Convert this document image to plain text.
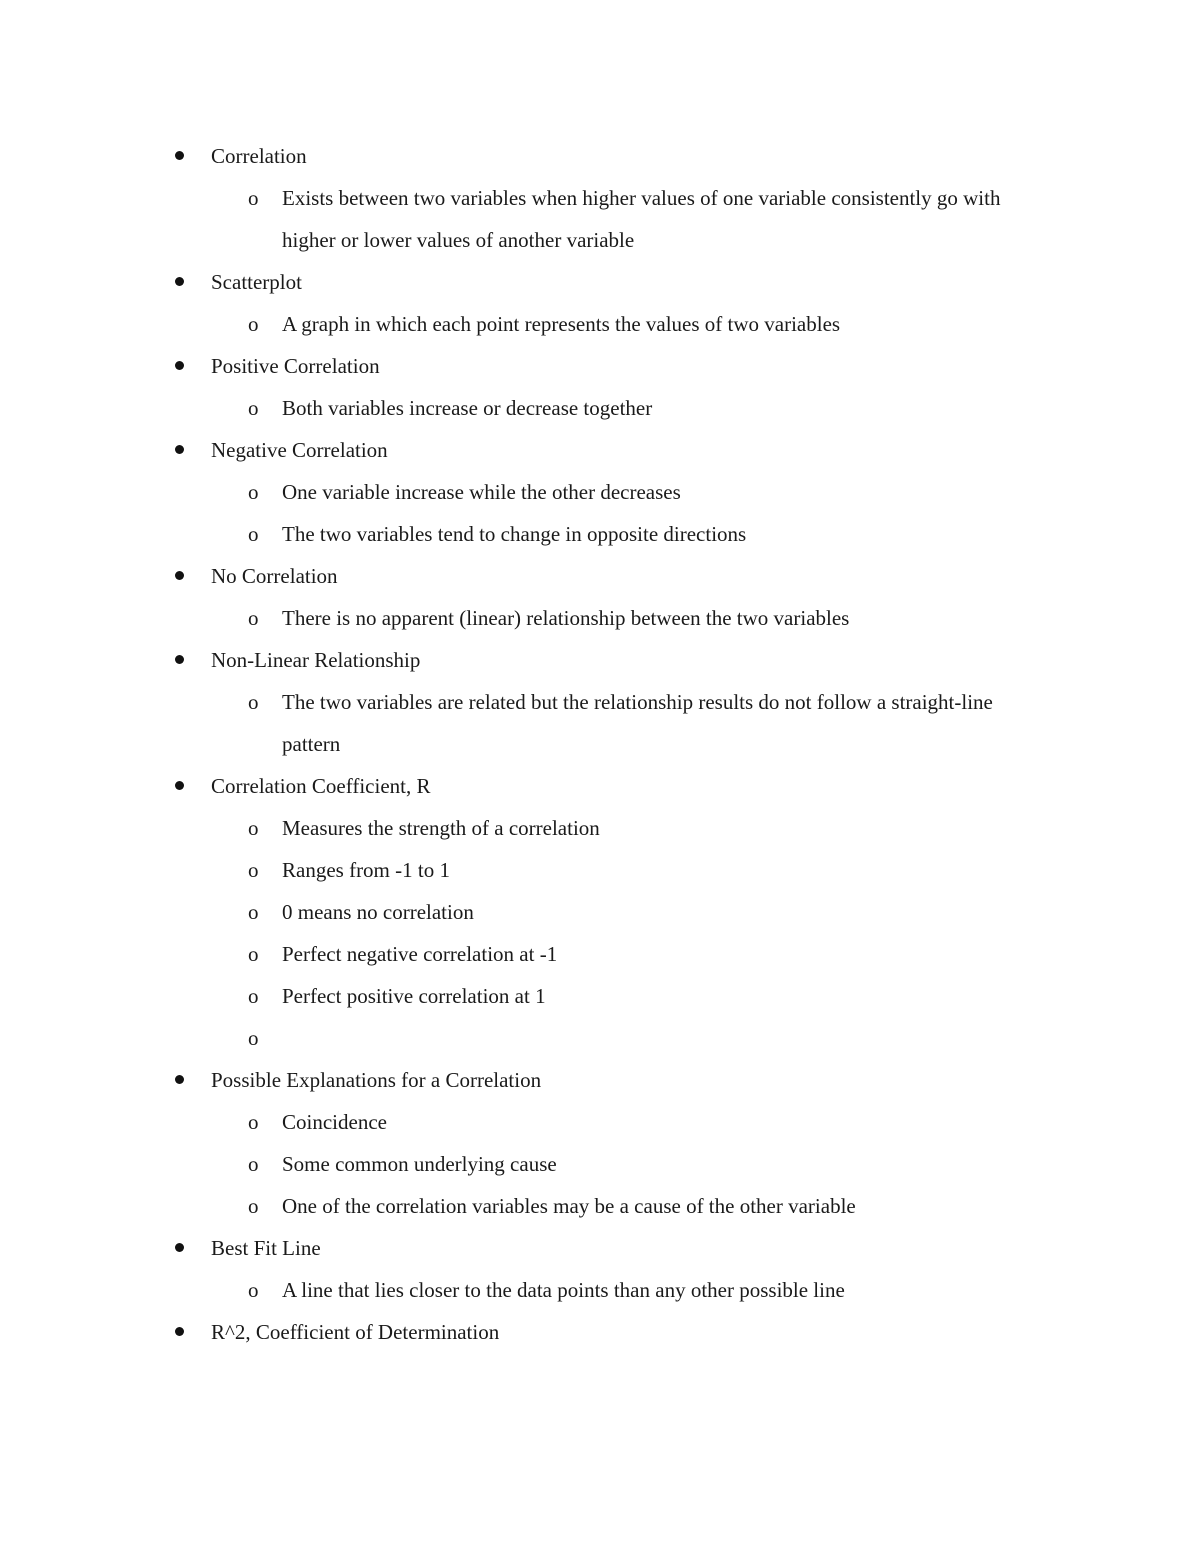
Correlation
o Exists between two variables when higher values of one variable consistently go with higher or lower values of another variable
Scatterplot
o A graph in which each point represents the values of two variables
Positive Correlation
o Both variables increase or decrease together
Negative Correlation
o One variable increase while the other decreases
o The two variables tend to change in opposite directions
No Correlation
o There is no apparent (linear) relationship between the two variables
Non-Linear Relationship
o The two variables are related but the relationship results do not follow a straight-line pattern
Correlation Coefficient, R
o Measures the strength of a correlation
o Ranges from -1 to 1
o 0 means no correlation
o Perfect negative correlation at -1
o Perfect positive correlation at 1
o

Possible Explanations for a Correlation
o Coincidence
o Some common underlying cause
o One of the correlation variables may be a cause of the other variable
Best Fit Line
o A line that lies closer to the data points than any other possible line
R^2, Coefficient of Determination
